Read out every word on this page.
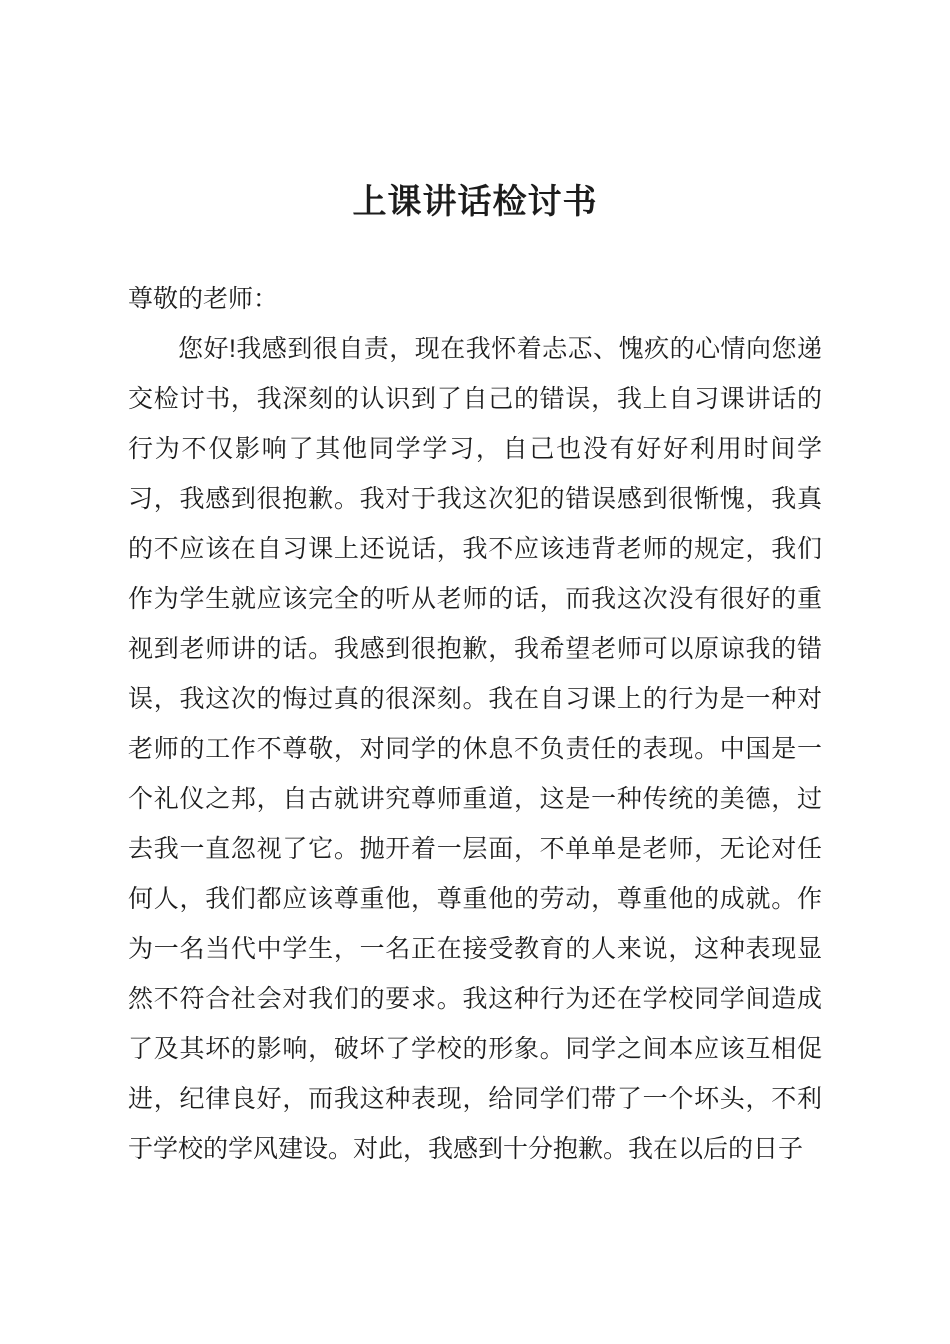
上课讲话检讨书

尊敬的老师：

您好!我感到很自责，现在我怀着忐忑、愧疚的心情向您递交检讨书，我深刻的认识到了自己的错误，我上自习课讲话的行为不仅影响了其他同学学习，自己也没有好好利用时间学习，我感到很抱歉。我对于我这次犯的错误感到很惭愧，我真的不应该在自习课上还说话，我不应该违背老师的规定，我们作为学生就应该完全的听从老师的话，而我这次没有很好的重视到老师讲的话。我感到很抱歉，我希望老师可以原谅我的错误，我这次的悔过真的很深刻。我在自习课上的行为是一种对老师的工作不尊敬，对同学的休息不负责任的表现。中国是一个礼仪之邦，自古就讲究尊师重道，这是一种传统的美德，过去我一直忽视了它。抛开着一层面，不单单是老师，无论对任何人，我们都应该尊重他，尊重他的劳动，尊重他的成就。作为一名当代中学生，一名正在接受教育的人来说，这种表现显然不符合社会对我们的要求。我这种行为还在学校同学间造成了及其坏的影响，破坏了学校的形象。同学之间本应该互相促进，纪律良好，而我这种表现，给同学们带了一个坏头，不利于学校的学风建设。对此，我感到十分抱歉。我在以后的日子
